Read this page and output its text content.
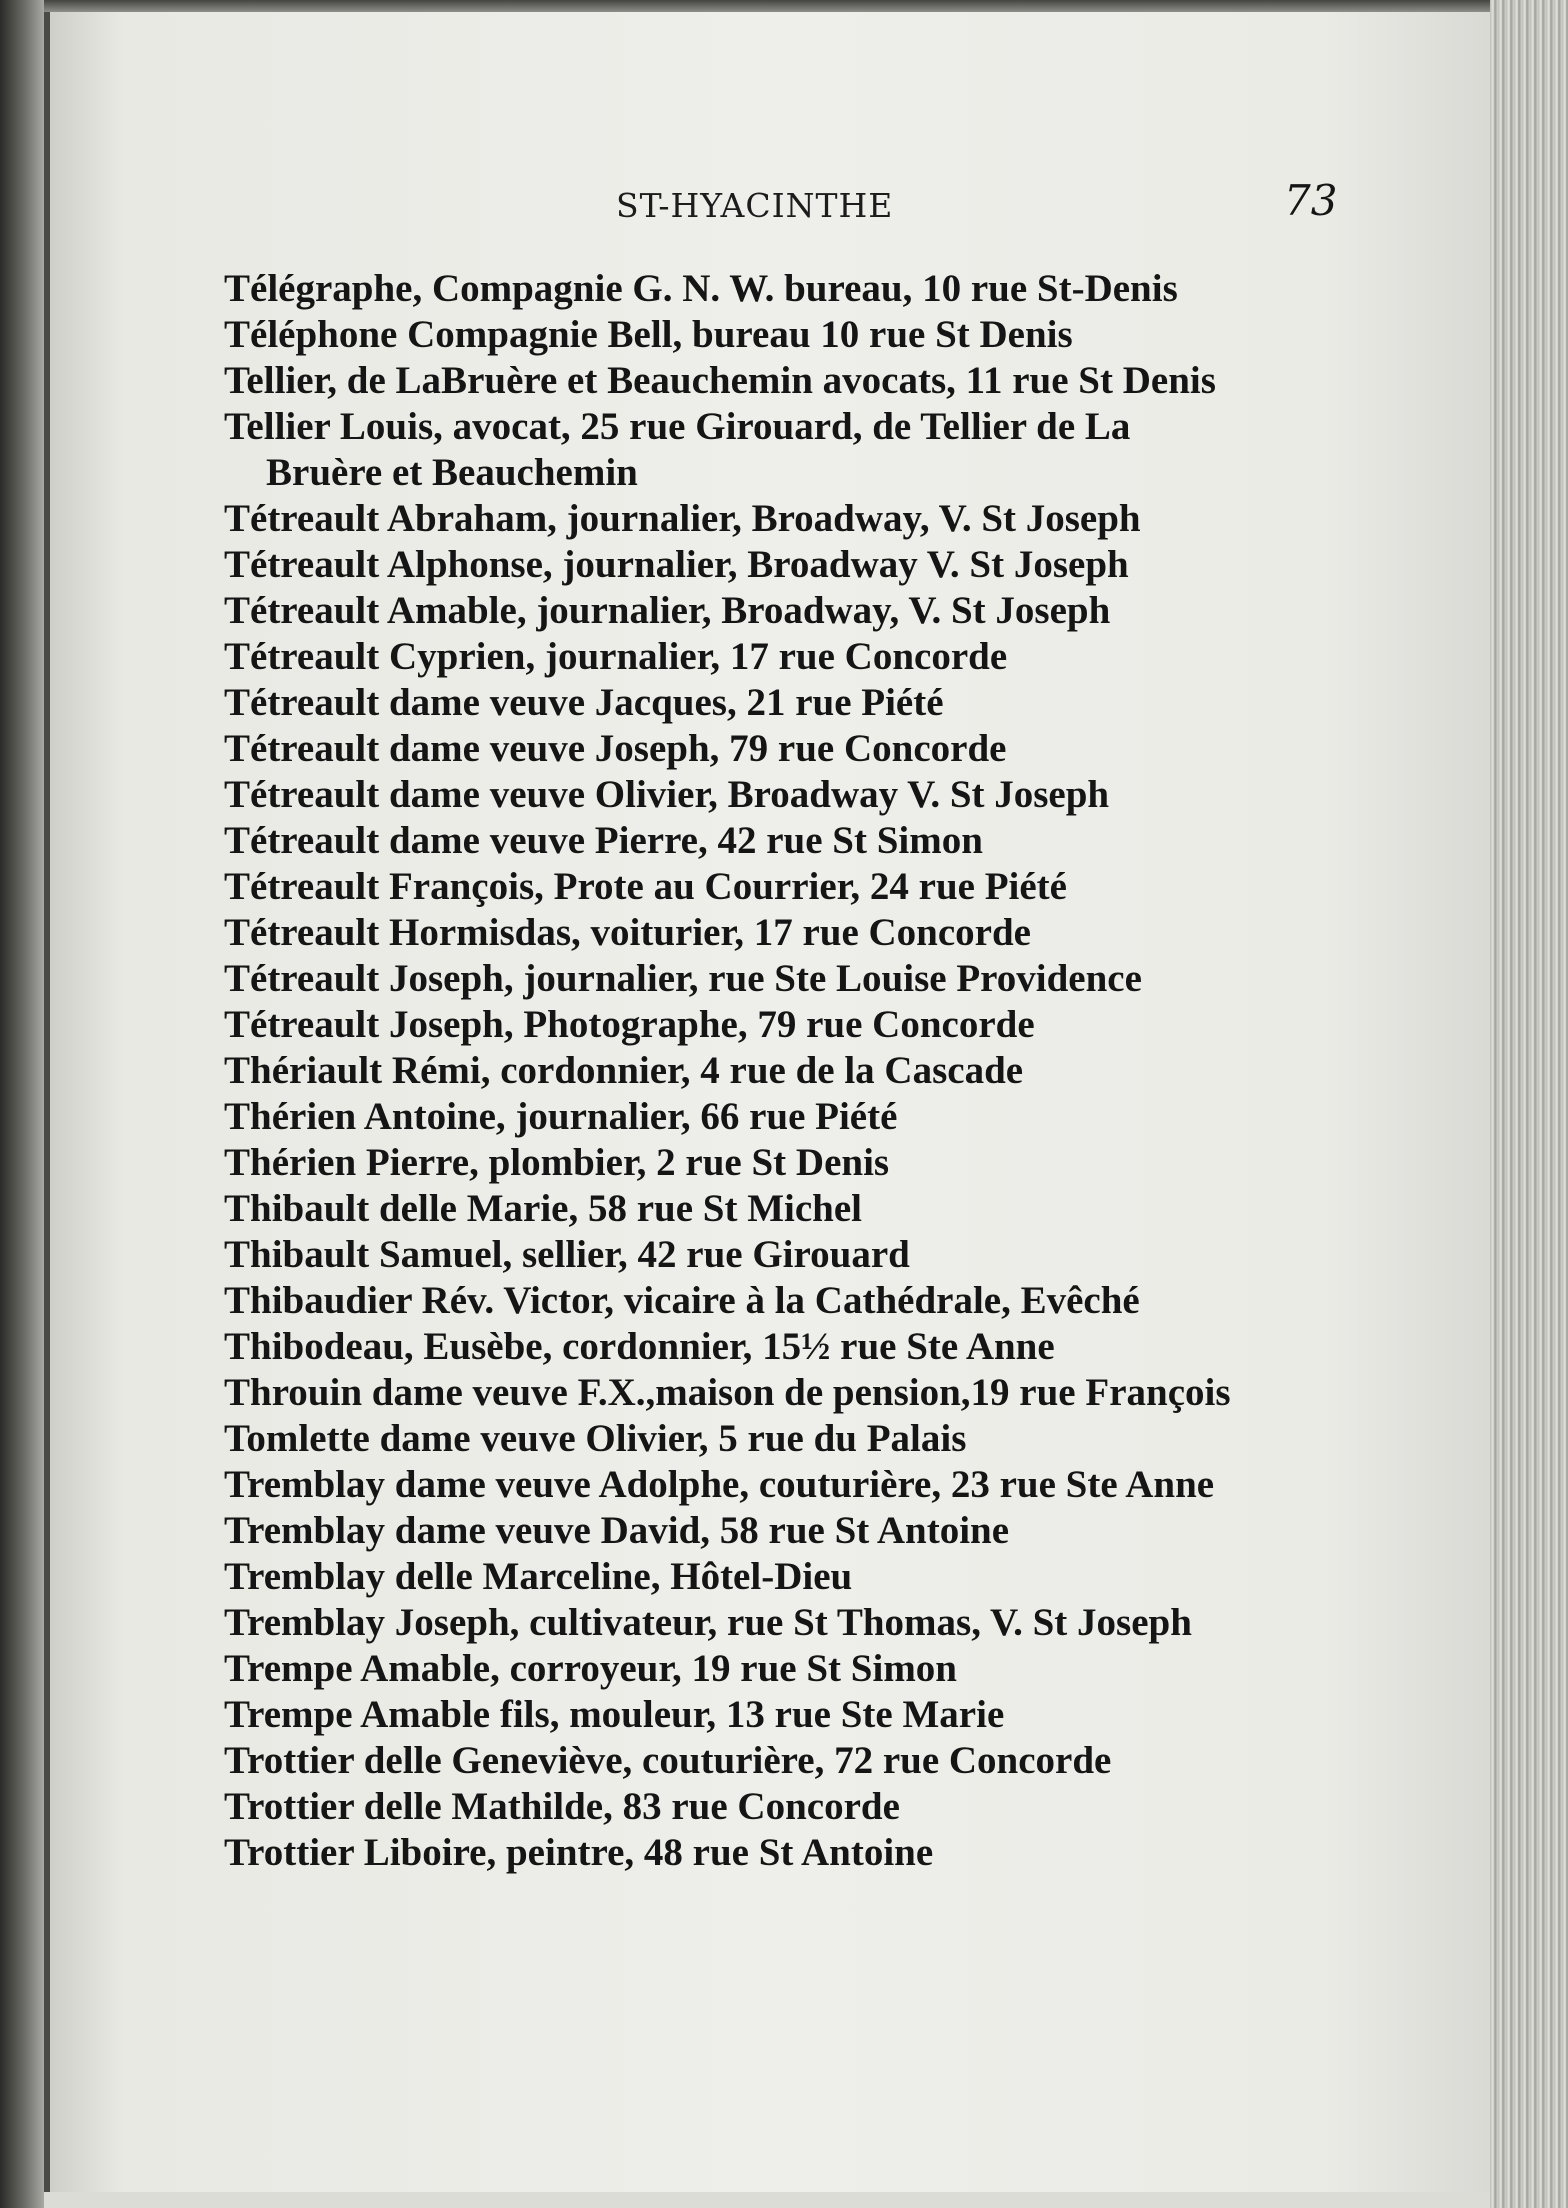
ST-HYACINTHE	73
Télégraphe, Compagnie G. N. W. bureau, 10 rue St-Denis
Téléphone Compagnie Bell, bureau 10 rue St Denis
Tellier, de LaBruère et Beauchemin avocats, 11 rue St Denis
Tellier Louis, avocat, 25 rue Girouard, de Tellier de La
Bruère et Beauchemin
Tétreault Abraham, journalier, Broadway, V. St Joseph
Tétreault Alphonse, journalier, Broadway V. St Joseph
Tétreault Amable, journalier, Broadway, V. St Joseph
Tétreault Cyprien, journalier, 17 rue Concorde
Tétreault dame veuve Jacques, 21 rue Piété
Tétreault dame veuve Joseph, 79 rue Concorde
Tétreault dame veuve Olivier, Broadway V. St Joseph
Tétreault dame veuve Pierre, 42 rue St Simon
Tétreault François, Prote au Courrier, 24 rue Piété
Tétreault Hormisdas, voiturier, 17 rue Concorde
Tétreault Joseph, journalier, rue Ste Louise Providence
Tétreault Joseph, Photographe, 79 rue Concorde
Thériault Rémi, cordonnier, 4 rue de la Cascade
Thérien Antoine, journalier, 66 rue Piété
Thérien Pierre, plombier, 2 rue St Denis
Thibault delle Marie, 58 rue St Michel
Thibault Samuel, sellier, 42 rue Girouard
Thibaudier Rév. Victor, vicaire à la Cathédrale, Evêché
Thibodeau, Eusèbe, cordonnier, 15½ rue Ste Anne
Throuin dame veuve F.X.,maison de pension,19 rue François
Tomlette dame veuve Olivier, 5 rue du Palais
Tremblay dame veuve Adolphe, couturière, 23 rue Ste Anne
Tremblay dame veuve David, 58 rue St Antoine
Tremblay delle Marceline, Hôtel-Dieu
Tremblay Joseph, cultivateur, rue St Thomas, V. St Joseph
Trempe Amable, corroyeur, 19 rue St Simon
Trempe Amable fils, mouleur, 13 rue Ste Marie
Trottier delle Geneviève, couturière, 72 rue Concorde
Trottier delle Mathilde, 83 rue Concorde
Trottier Liboire, peintre, 48 rue St Antoine
